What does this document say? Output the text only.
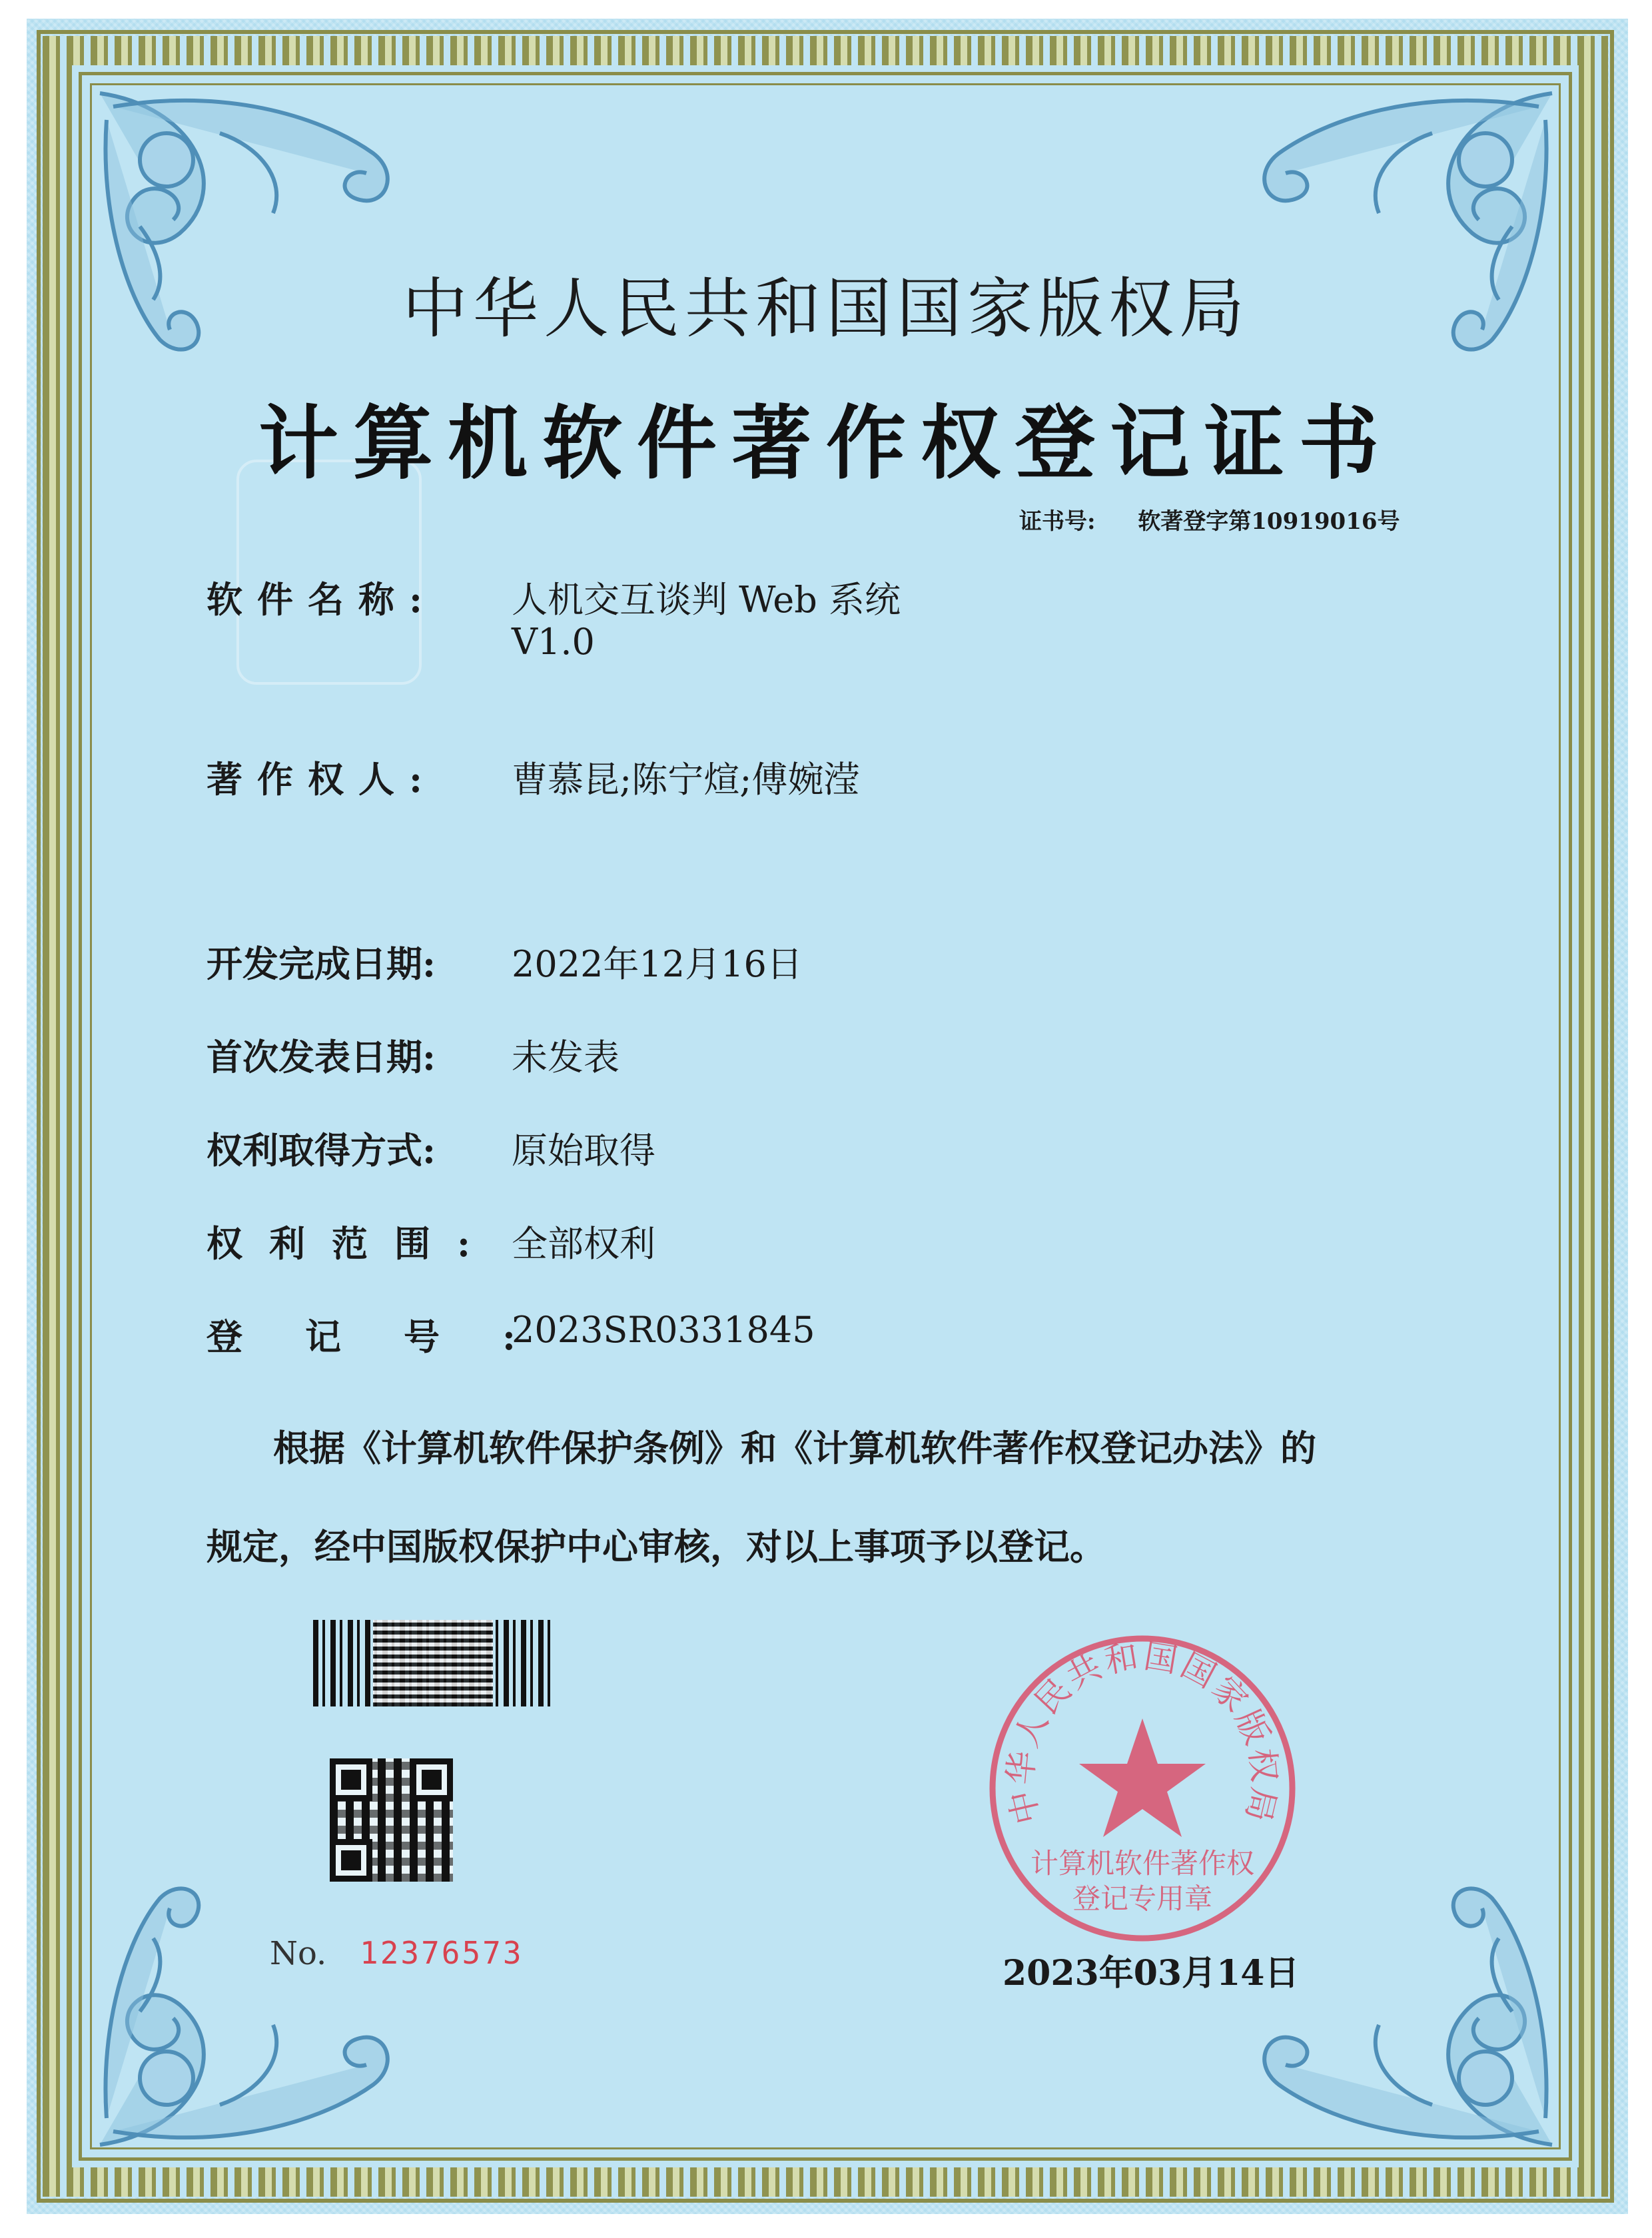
中华人民共和国国家版权局
计算机软件著作权登记证书
证书号: 软著登字第10919016号
软件名称: 人机交互谈判 Web 系统
V1.0
著作权人: 曹慕昆;陈宁煊;傅婉滢
开发完成日期: 2022年12月16日
首次发表日期: 未发表
权利取得方式: 原始取得
权利范围: 全部权利
登记号:
2023SR0331845
根据《计算机软件保护条例》和《计算机软件著作权登记办法》的
规定，经中国版权保护中心审核，对以上事项予以登记。
No. 12376573
中华人民共和国国家版权局
计算机软件著作权
登记专用章
2023年03月14日
